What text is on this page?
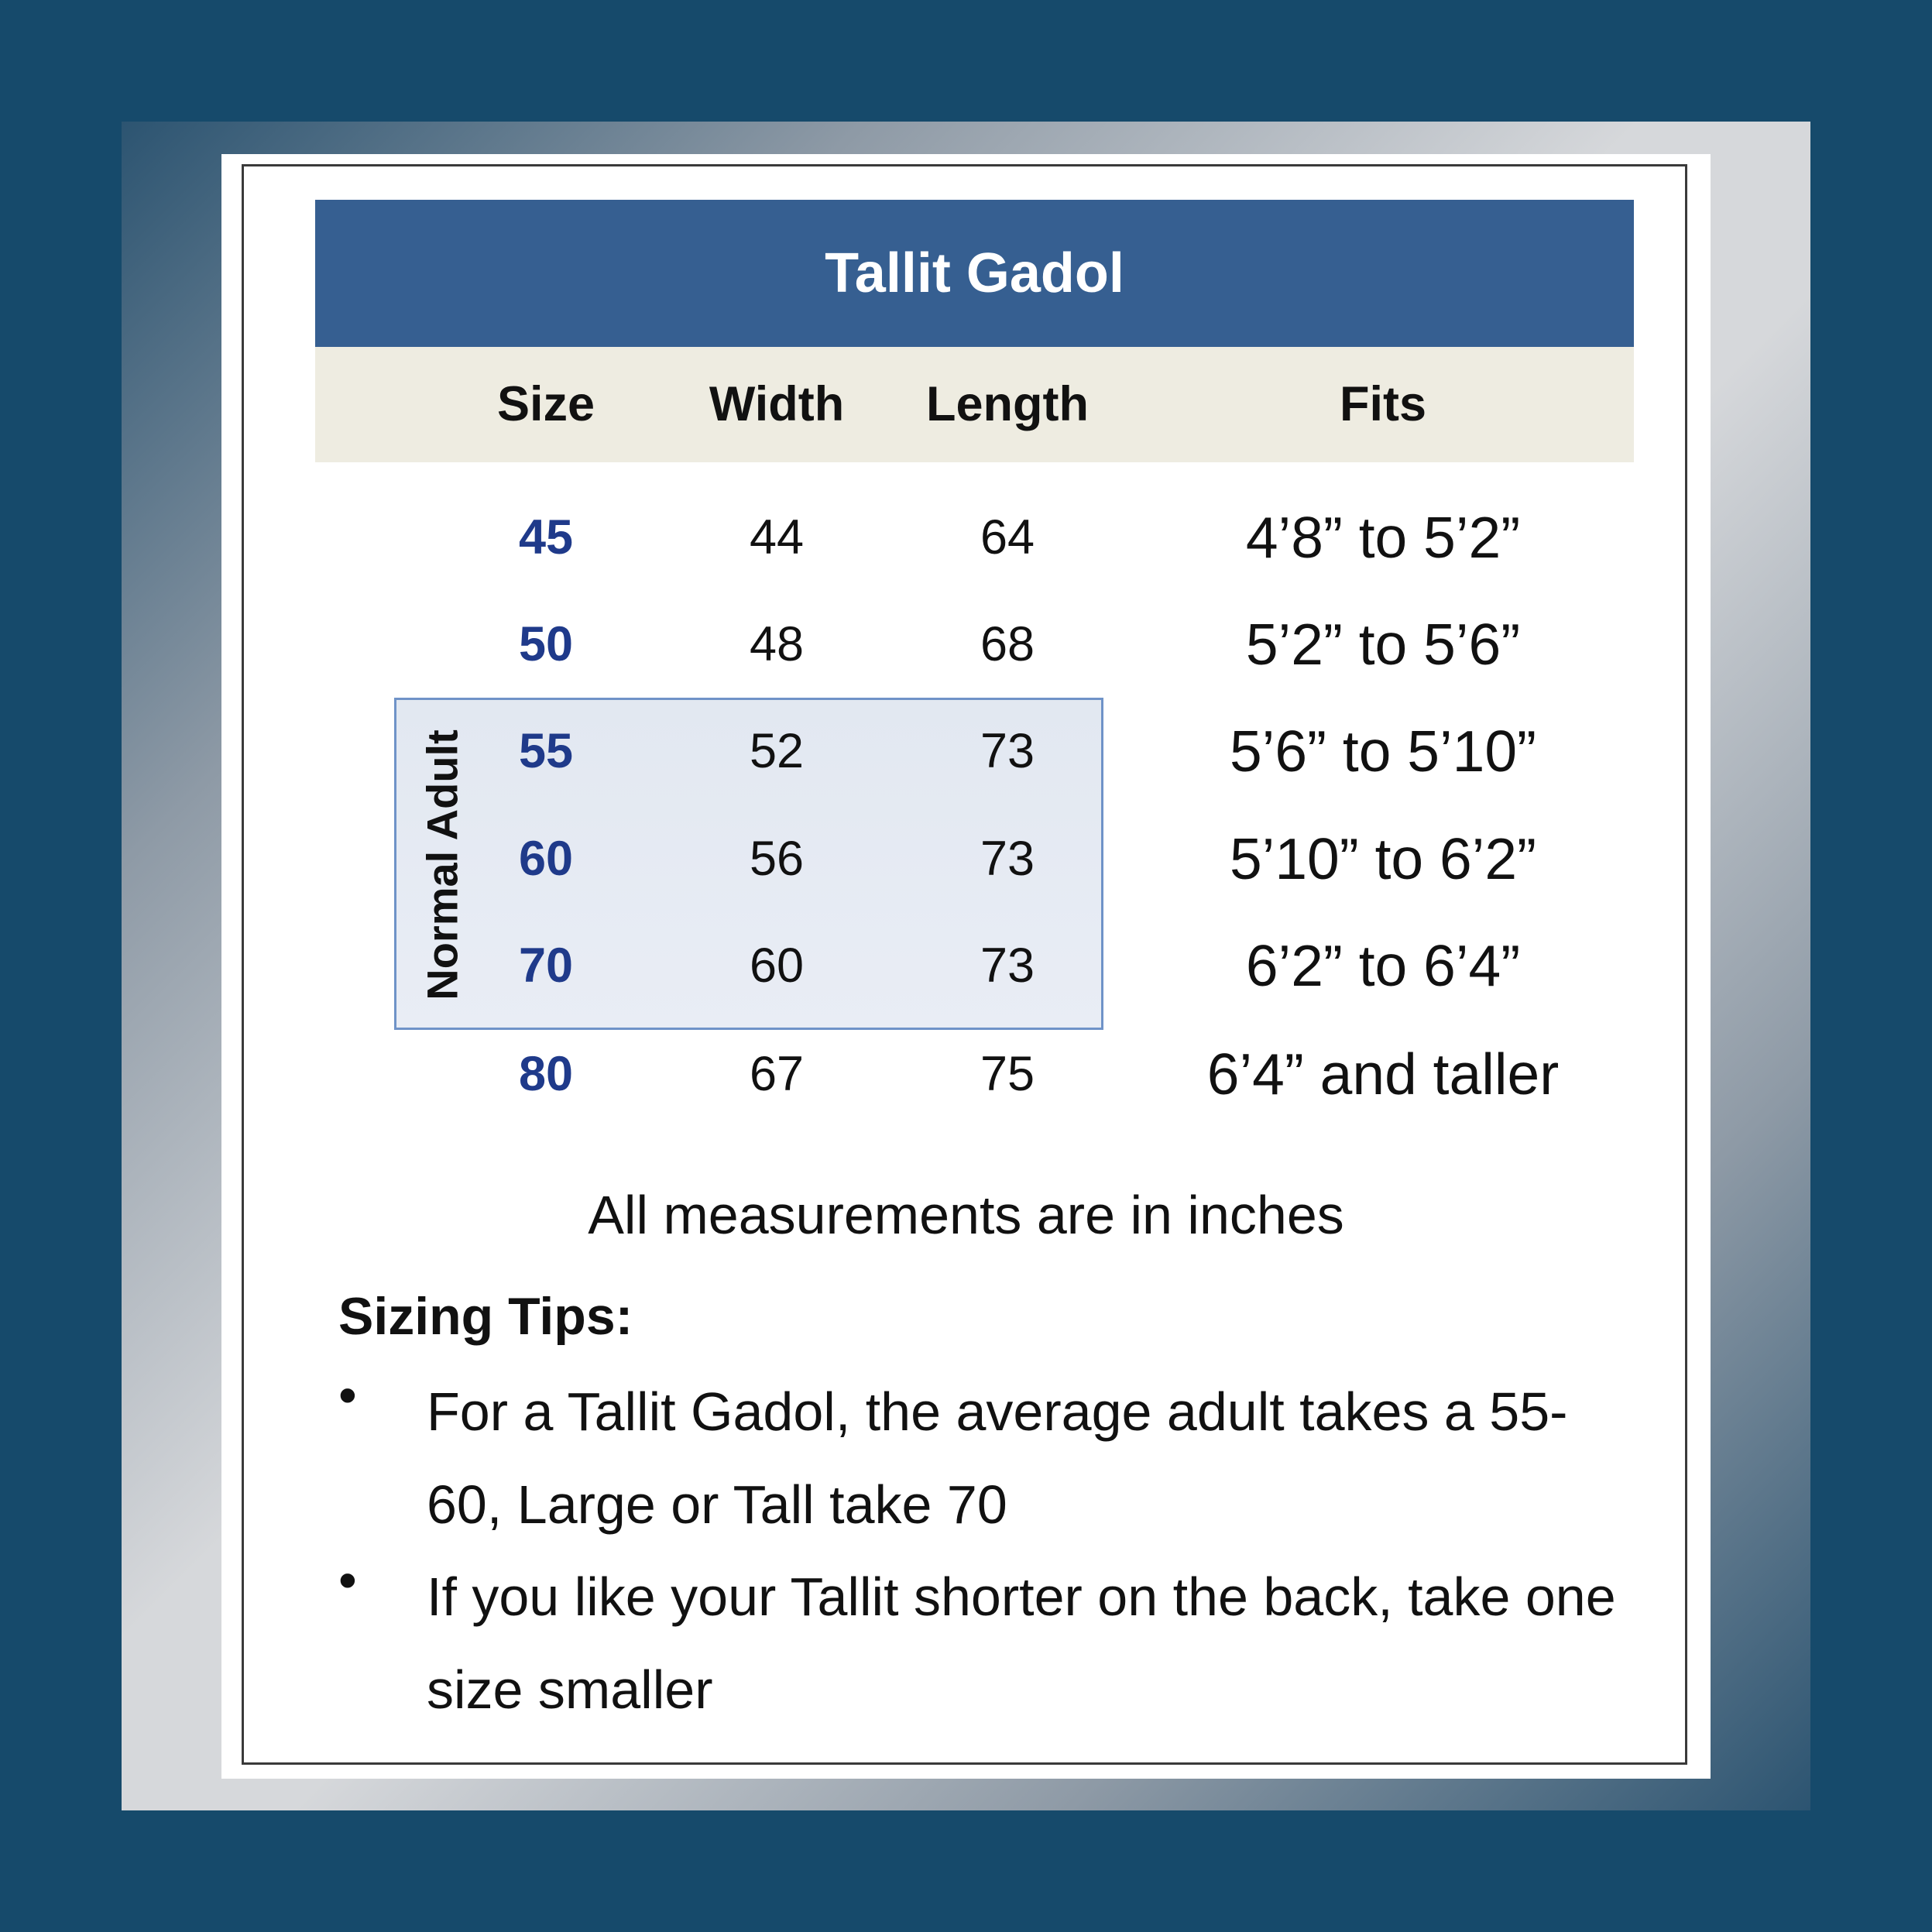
Tallit Gadol
Size Width Length	Fits
Normal Adult
45	44	64	4’8” to 5’2”
50	48	68	5’2” to 5’6”
55	52	73	5’6” to 5’10”
60	56	73	5’10” to 6’2”
70	60	73	6’2” to 6’4”
80	67	75	6’4” and taller
All measurements are in inches
Sizing Tips:
• For a Tallit Gadol, the average adult takes a 55-60, Large or Tall take 70
• If you like your Tallit shorter on the back, take one size smaller
